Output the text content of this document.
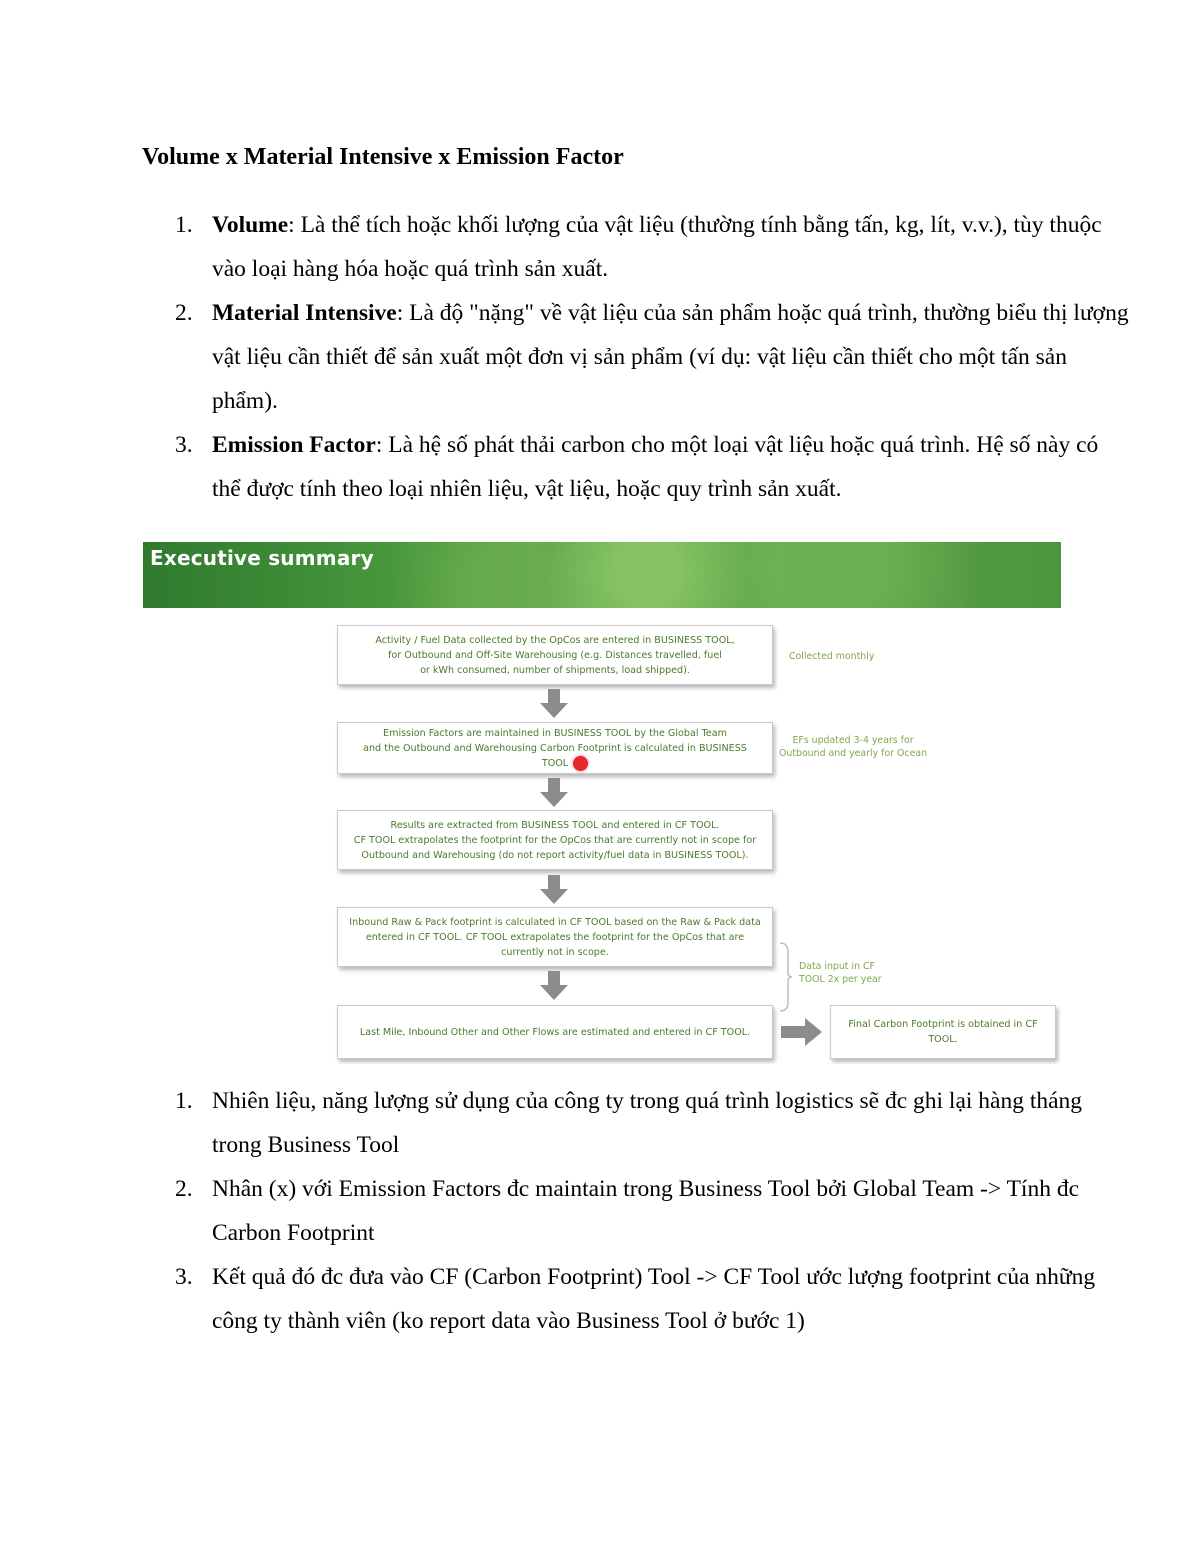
Volume x Material Intensive x Emission Factor
1. Volume: Là thể tích hoặc khối lượng của vật liệu (thường tính bằng tấn, kg, lít, v.v.), tùy thuộc vào loại hàng hóa hoặc quá trình sản xuất.
2. Material Intensive: Là độ "nặng" về vật liệu của sản phẩm hoặc quá trình, thường biểu thị lượng vật liệu cần thiết để sản xuất một đơn vị sản phẩm (ví dụ: vật liệu cần thiết cho một tấn sản phẩm).
3. Emission Factor: Là hệ số phát thải carbon cho một loại vật liệu hoặc quá trình. Hệ số này có thể được tính theo loại nhiên liệu, vật liệu, hoặc quy trình sản xuất.
Executive summary
Activity / Fuel Data collected by the OpCos are entered in BUSINESS TOOL,
for Outbound and Off-Site Warehousing (e.g. Distances travelled, fuel
or kWh consumed, number of shipments, load shipped).
Collected monthly
Emission Factors are maintained in BUSINESS TOOL by the Global Team
and the Outbound and Warehousing Carbon Footprint is calculated in BUSINESS
TOOL
EFs updated 3-4 years for
Outbound and yearly for Ocean
Results are extracted from BUSINESS TOOL and entered in CF TOOL.
CF TOOL extrapolates the footprint for the OpCos that are currently not in scope for
Outbound and Warehousing (do not report activity/fuel data in BUSINESS TOOL).
Inbound Raw & Pack footprint is calculated in CF TOOL based on the Raw & Pack data
entered in CF TOOL. CF TOOL extrapolates the footprint for the OpCos that are
currently not in scope.
Data input in CF
TOOL 2x per year
Last Mile, Inbound Other and Other Flows are estimated and entered in CF TOOL.
Final Carbon Footprint is obtained in CF
TOOL.
1. Nhiên liệu, năng lượng sử dụng của công ty trong quá trình logistics sẽ đc ghi lại hàng tháng trong Business Tool
2. Nhân (x) với Emission Factors đc maintain trong Business Tool bởi Global Team -> Tính đc Carbon Footprint
3. Kết quả đó đc đưa vào CF (Carbon Footprint) Tool -> CF Tool ước lượng footprint của những công ty thành viên (ko report data vào Business Tool ở bước 1)
